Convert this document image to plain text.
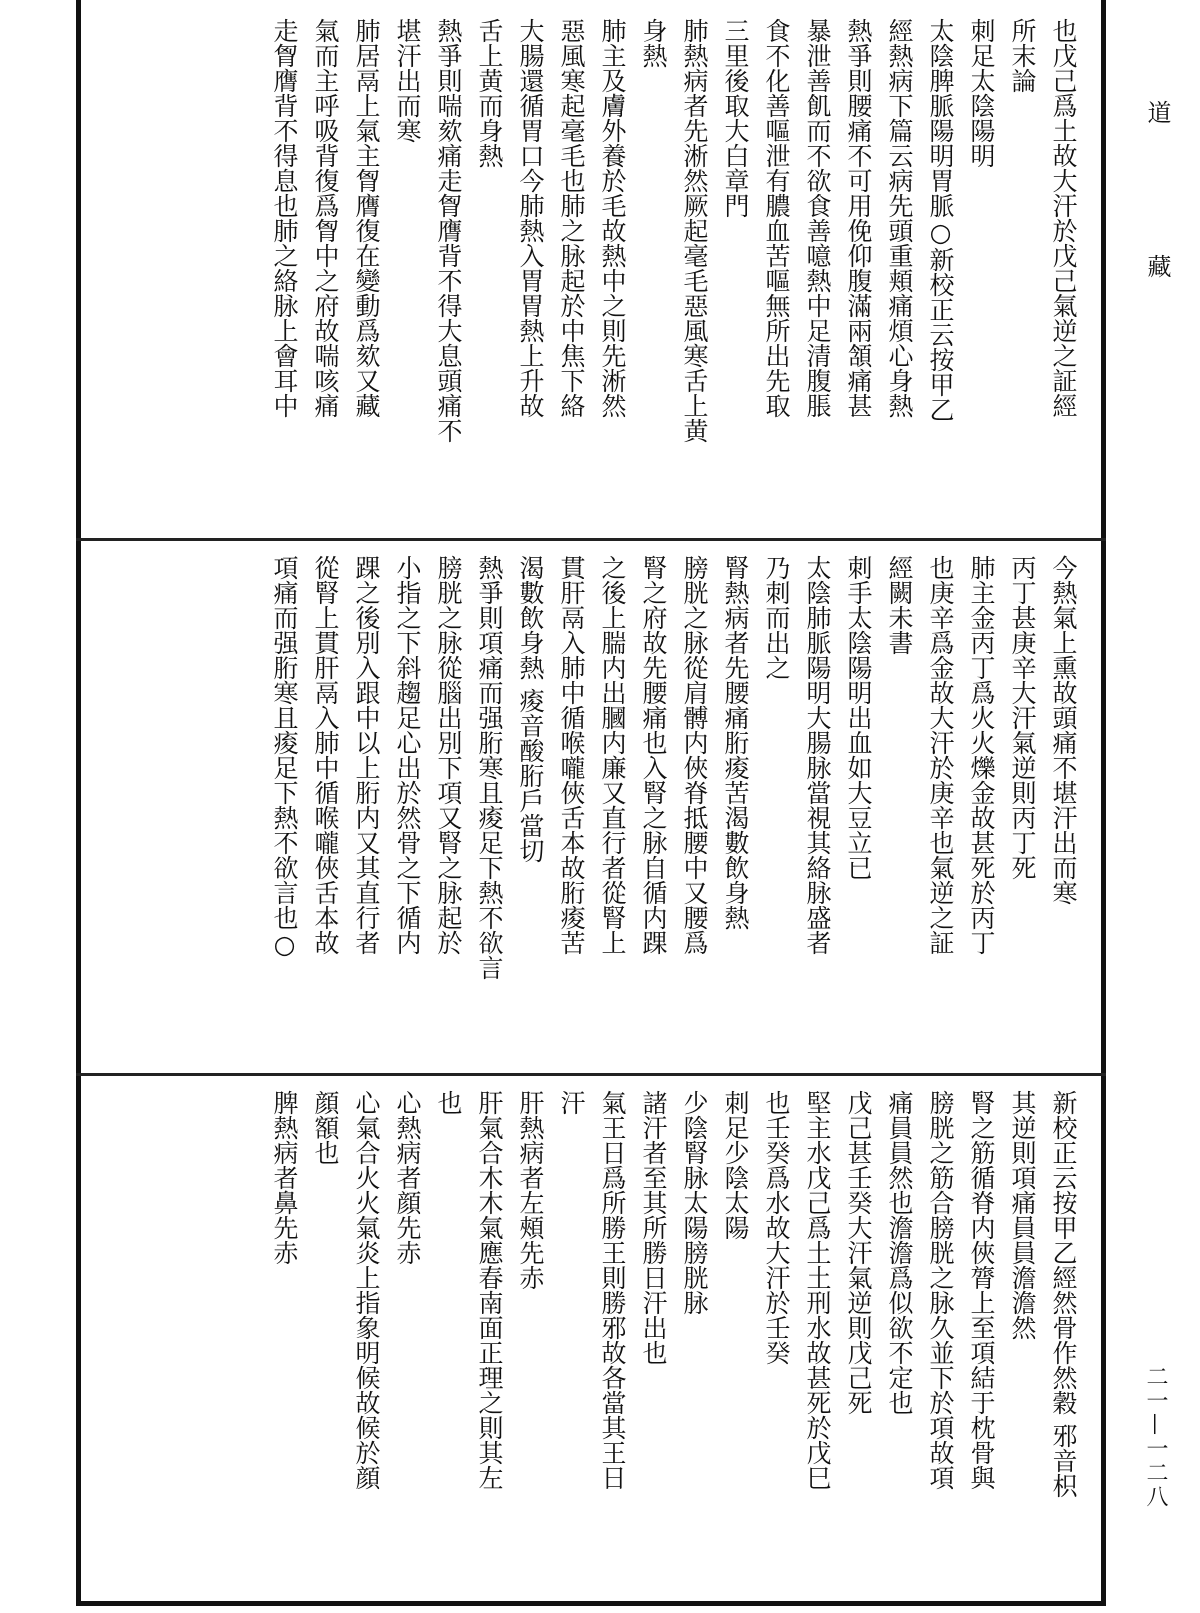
道藏
二一—一二八
也戊己爲土故大汗於戊己氣逆之証經
所末論
刺足太陰陽明
太陰脾脈陽明胃脈○新校正云按甲乙
經熱病下篇云病先頭重頬痛煩心身熱
熱爭則腰痛不可用俛仰腹滿兩頷痛甚
暴泄善飢而不欲食善噫熱中足清腹脹
食不化善嘔泄有膿血苦嘔無所出先取
三里後取大白章門
肺熱病者先淅然厥起毫毛惡風寒舌上黄
身熱
肺主及膚外養於毛故熱中之則先淅然
惡風寒起毫毛也肺之脉起於中焦下絡
大腸還循胃口今肺熱入胃胃熱上升故
舌上黄而身熱
熱爭則喘欬痛走胷膺背不得大息頭痛不
堪汗出而寒
肺居鬲上氣主胷膺復在變動爲欬又藏
氣而主呼吸背復爲胷中之府故喘咳痛
走胷膺背不得息也肺之絡脉上會耳中
今熱氣上熏故頭痛不堪汗出而寒
丙丁甚庚辛大汗氣逆則丙丁死
肺主金丙丁爲火火爍金故甚死於丙丁
也庚辛爲金故大汗於庚辛也氣逆之証
經闕未書
刺手太陰陽明出血如大豆立已
太陰肺脈陽明大腸脉當視其絡脉盛者
乃刺而出之
腎熱病者先腰痛胻痠苦渴數飲身熱
膀胱之脉從肩髆内俠脊抵腰中又腰爲
腎之府故先腰痛也入腎之脉自循内踝
之後上腨内出膕内廉又直行者從腎上
貫肝鬲入肺中循喉嚨俠舌本故胻痠苦
渴數飲身熱 痠音酸胻戶當切
熱爭則項痛而强胻寒且痠足下熱不欲言
膀胱之脉從腦出別下項又腎之脉起於
小指之下斜趨足心出於然骨之下循内
踝之後別入跟中以上胻内又其直行者
從腎上貫肝鬲入肺中循喉嚨俠舌本故
項痛而强胻寒且痠足下熱不欲言也○
新校正云按甲乙經然骨作然穀 邪音枳
其逆則項痛員員澹澹然
腎之筋循脊内俠膂上至項結于枕骨與
膀胱之筋合膀胱之脉久並下於項故項
痛員員然也澹澹爲似欲不定也
戊己甚壬癸大汗氣逆則戊己死
堅主水戊己爲土土刑水故甚死於戊巳
也壬癸爲水故大汗於壬癸
刺足少陰太陽
少陰腎脉太陽膀胱脉
諸汗者至其所勝日汗出也
氣王日爲所勝王則勝邪故各當其王日
汗
肝熱病者左頰先赤
肝氣合木木氣應春南面正理之則其左
也
心熱病者顔先赤
心氣合火火氣炎上指象明候故候於顔
顔額也
脾熱病者鼻先赤
